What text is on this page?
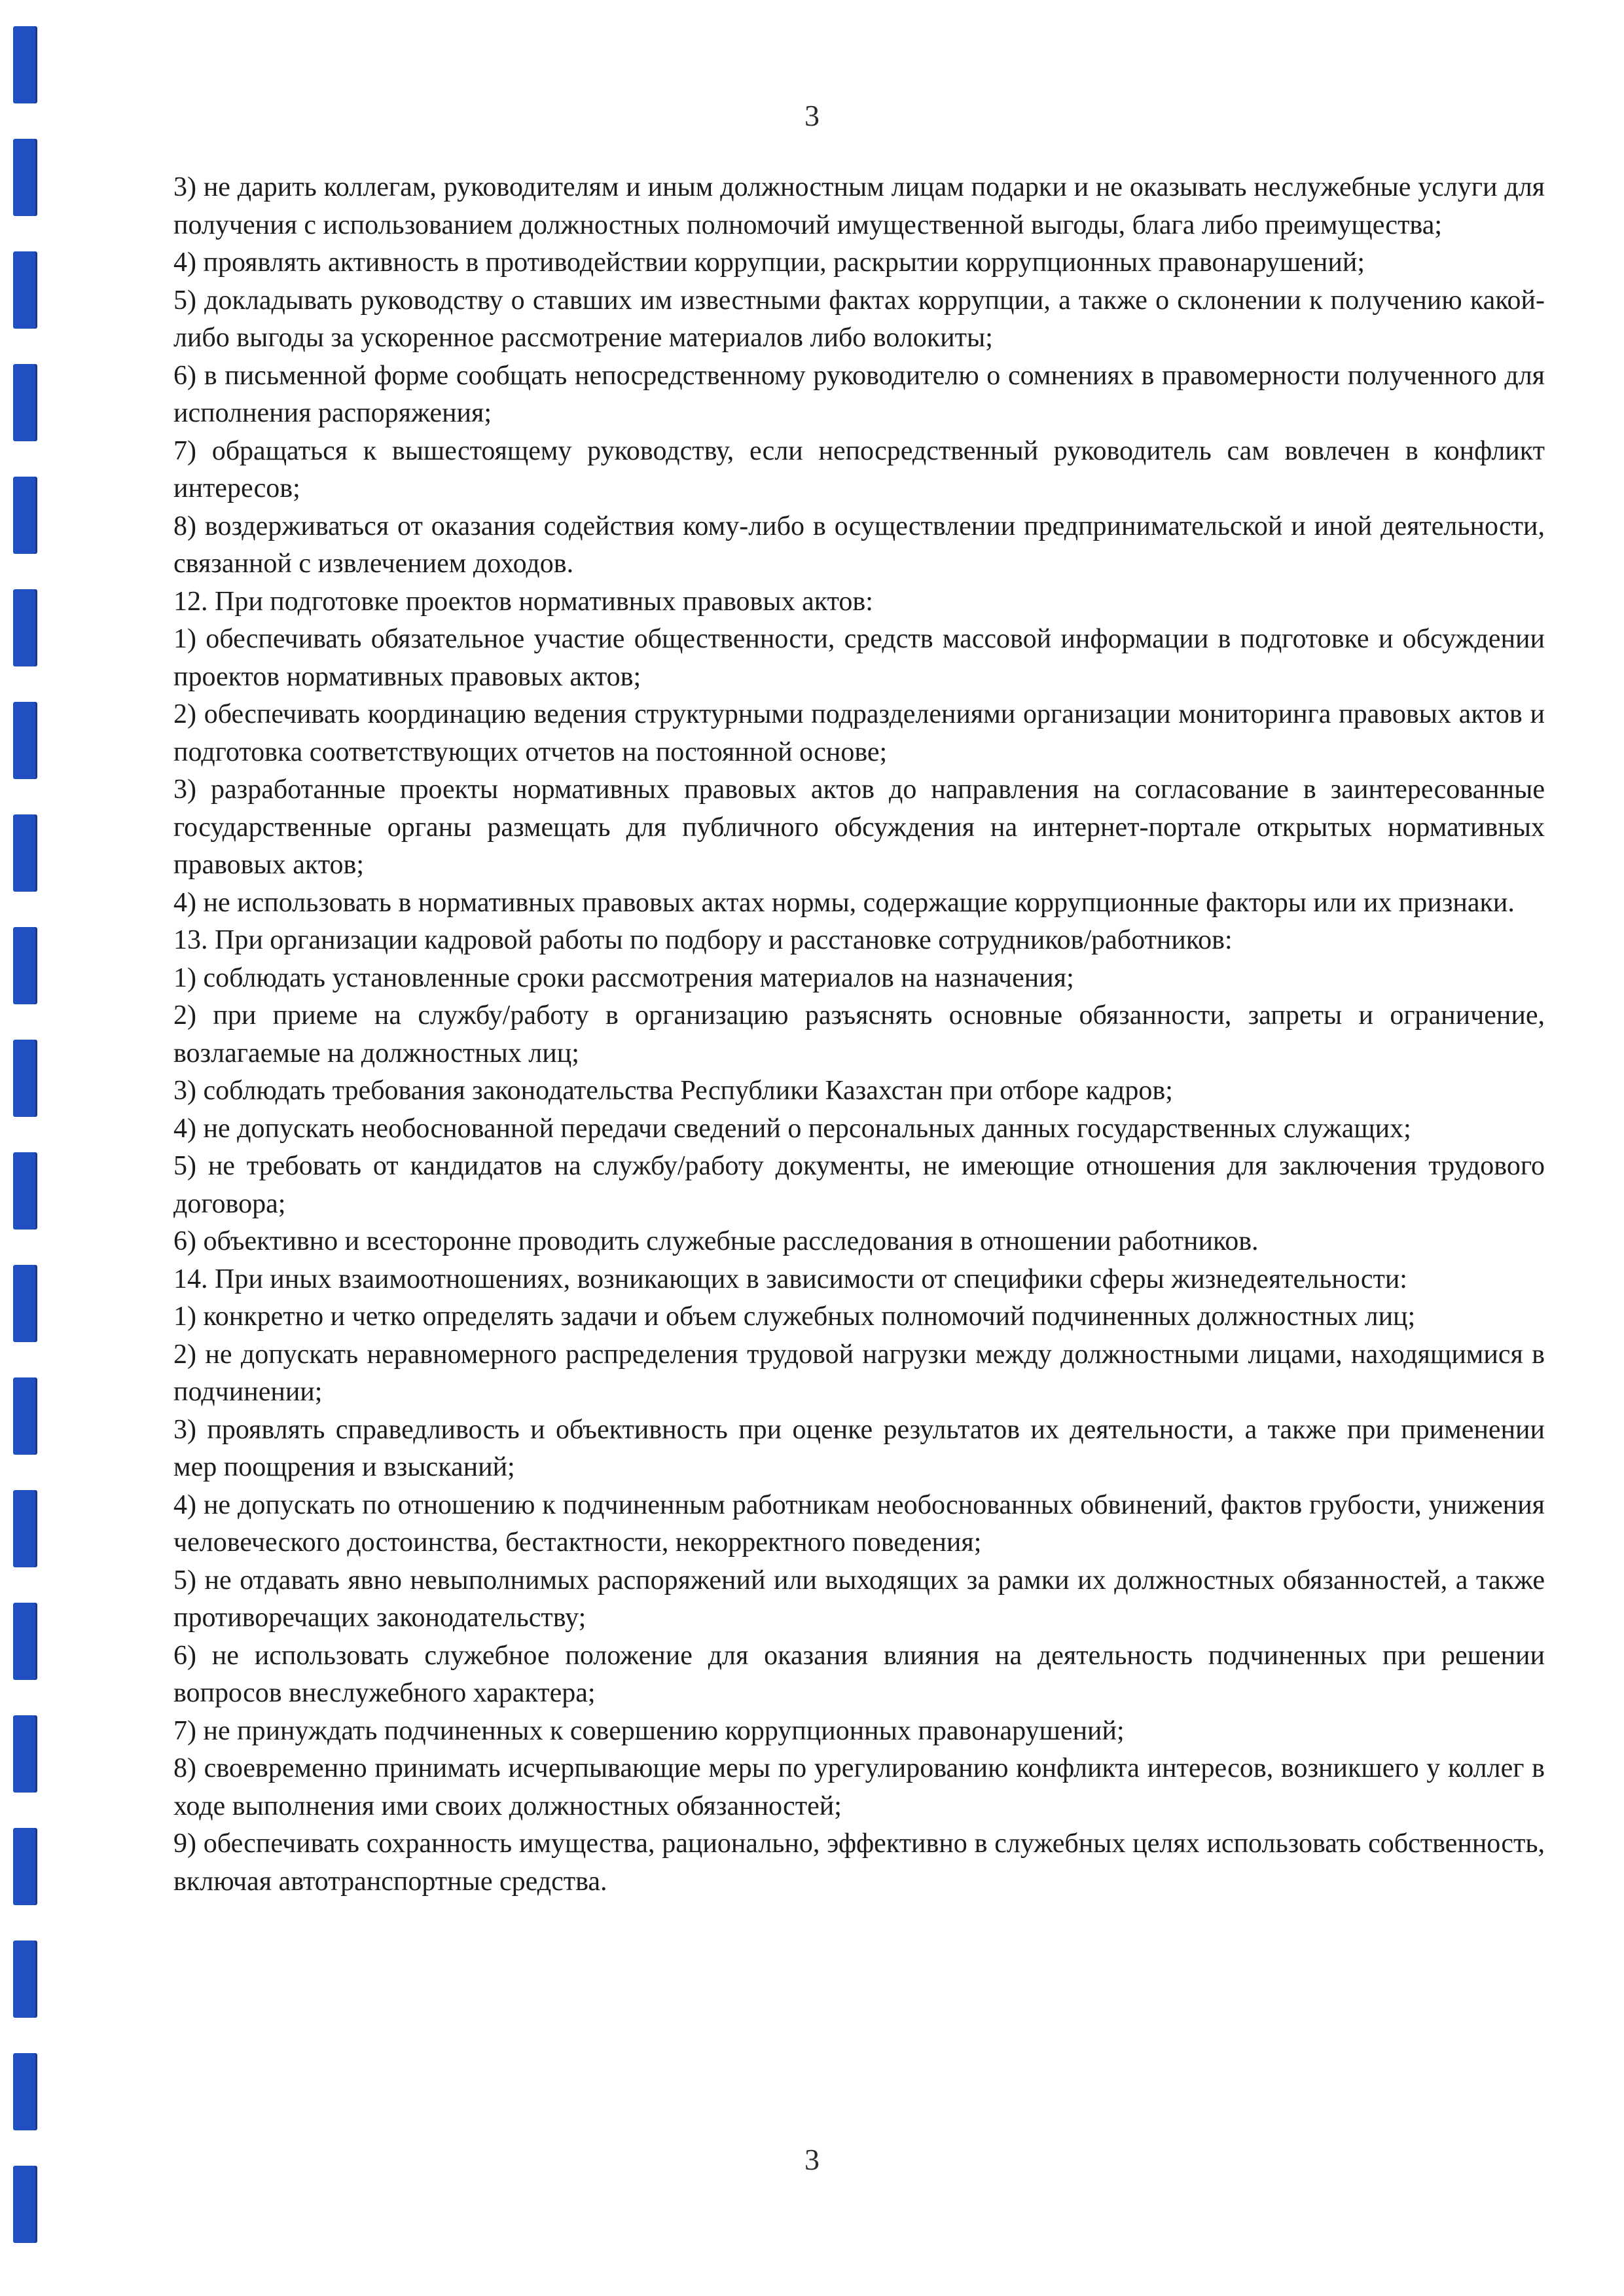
3

3) не дарить коллегам, руководителям и иным должностным лицам подарки и не оказывать неслужебные услуги для получения с использованием должностных полномочий имущественной выгоды, блага либо преимущества;

4) проявлять активность в противодействии коррупции, раскрытии коррупционных правонарушений;

5) докладывать руководству о ставших им известными фактах коррупции, а также о склонении к получению какой-либо выгоды за ускоренное рассмотрение материалов либо волокиты;

6) в письменной форме сообщать непосредственному руководителю о сомнениях в правомерности полученного для исполнения распоряжения;

7) обращаться к вышестоящему руководству, если непосредственный руководитель сам вовлечен в конфликт интересов;

8) воздерживаться от оказания содействия кому-либо в осуществлении предпринимательской и иной деятельности, связанной с извлечением доходов.

12. При подготовке проектов нормативных правовых актов:

1) обеспечивать обязательное участие общественности, средств массовой информации в подготовке и обсуждении проектов нормативных правовых актов;

2) обеспечивать координацию ведения структурными подразделениями организации мониторинга правовых актов и подготовка соответствующих отчетов на постоянной основе;

3) разработанные проекты нормативных правовых актов до направления на согласование в заинтересованные государственные органы размещать для публичного обсуждения на интернет-портале открытых нормативных правовых актов;

4) не использовать в нормативных правовых актах нормы, содержащие коррупционные факторы или их признаки.

13. При организации кадровой работы по подбору и расстановке сотрудников/работников:

1) соблюдать установленные сроки рассмотрения материалов на назначения;

2) при приеме на службу/работу в организацию разъяснять основные обязанности, запреты и ограничение, возлагаемые на должностных лиц;

3) соблюдать требования законодательства Республики Казахстан при отборе кадров;

4) не допускать необоснованной передачи сведений о персональных данных государственных служащих;

5) не требовать от кандидатов на службу/работу документы, не имеющие отношения для заключения трудового договора;

6) объективно и всесторонне проводить служебные расследования в отношении работников.

14. При иных взаимоотношениях, возникающих в зависимости от специфики сферы жизнедеятельности:

1) конкретно и четко определять задачи и объем служебных полномочий подчиненных должностных лиц;

2) не допускать неравномерного распределения трудовой нагрузки между должностными лицами, находящимися в подчинении;

3) проявлять справедливость и объективность при оценке результатов их деятельности, а также при применении мер поощрения и взысканий;

4) не допускать по отношению к подчиненным работникам необоснованных обвинений, фактов грубости, унижения человеческого достоинства, бестактности, некорректного поведения;

5) не отдавать явно невыполнимых распоряжений или выходящих за рамки их должностных обязанностей, а также противоречащих законодательству;

6) не использовать служебное положение для оказания влияния на деятельность подчиненных при решении вопросов внеслужебного характера;

7) не принуждать подчиненных к совершению коррупционных правонарушений;

8) своевременно принимать исчерпывающие меры по урегулированию конфликта интересов, возникшего у коллег в ходе выполнения ими своих должностных обязанностей;

9) обеспечивать сохранность имущества, рационально, эффективно в служебных целях использовать собственность, включая автотранспортные средства.

3
